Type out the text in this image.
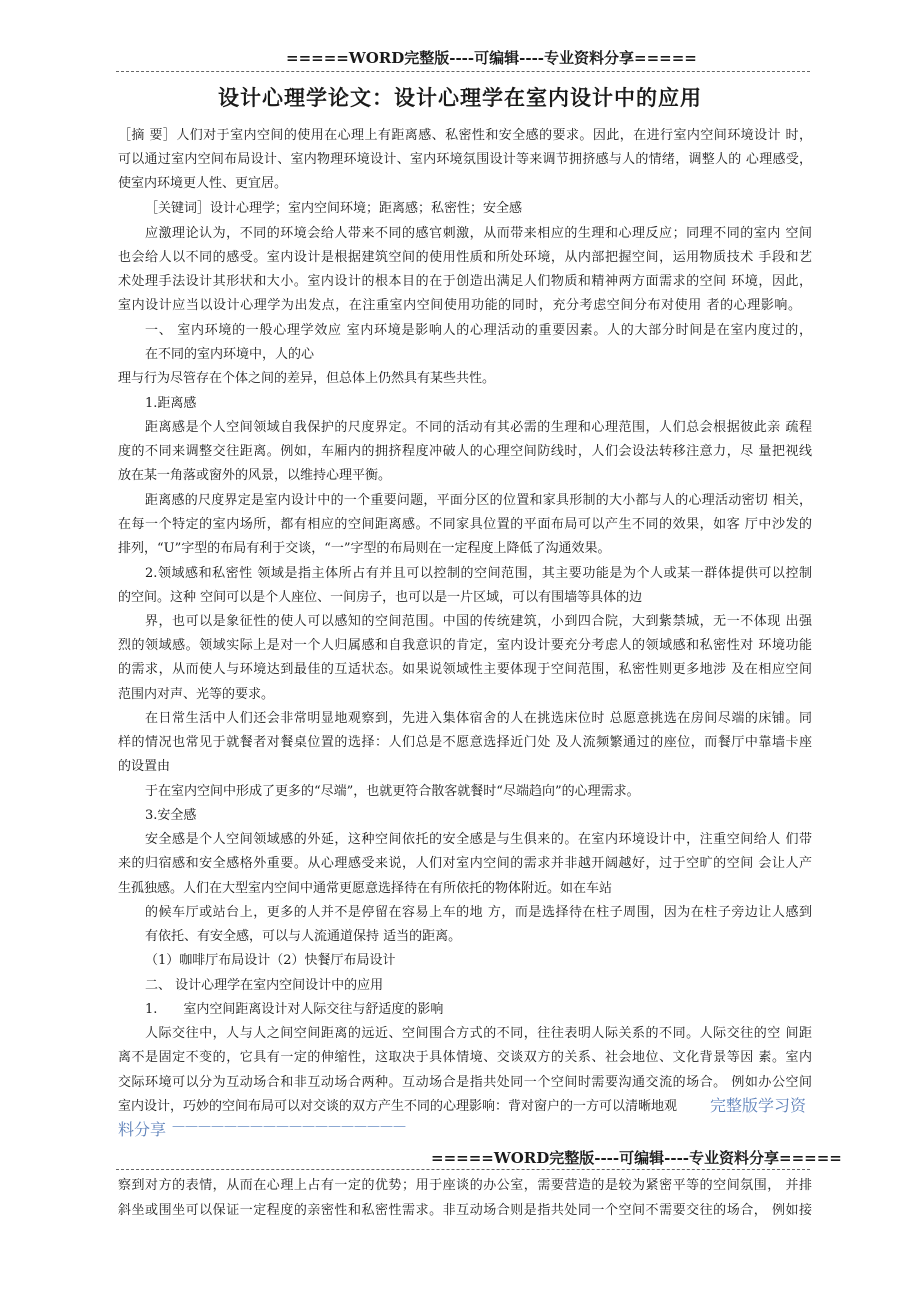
=====WORD完整版----可编辑----专业资料分享=====
设计心理学论文：设计心理学在室内设计中的应用
［摘 要］人们对于室内空间的使用在心理上有距离感、私密性和安全感的要求。因此，在进行室内空间环境设计 时，
可以通过室内空间布局设计、室内物理环境设计、室内环境氛围设计等来调节拥挤感与人的情绪，调整人的 心理感受，
使室内环境更人性、更宜居。
［关键词］设计心理学；室内空间环境；距离感；私密性；安全感
应激理论认为，不同的环境会给人带来不同的感官刺激，从而带来相应的生理和心理反应；同理不同的室内 空间
也会给人以不同的感受。室内设计是根据建筑空间的使用性质和所处环境，从内部把握空间，运用物质技术 手段和艺
术处理手法设计其形状和大小。室内设计的根本目的在于创造出满足人们物质和精神两方面需求的空间 环境，因此，
室内设计应当以设计心理学为出发点，在注重室内空间使用功能的同时，充分考虑空间分布对使用 者的心理影响。
一、 室内环境的一般心理学效应 室内环境是影响人的心理活动的重要因素。人的大部分时间是在室内度过的，
在不同的室内环境中，人的心
理与行为尽管存在个体之间的差异，但总体上仍然具有某些共性。
1.距离感
距离感是个人空间领域自我保护的尺度界定。不同的活动有其必需的生理和心理范围，人们总会根据彼此亲 疏程
度的不同来调整交往距离。例如，车厢内的拥挤程度冲破人的心理空间防线时，人们会设法转移注意力，尽 量把视线
放在某一角落或窗外的风景，以维持心理平衡。
距离感的尺度界定是室内设计中的一个重要问题，平面分区的位置和家具形制的大小都与人的心理活动密切 相关，
在每一个特定的室内场所，都有相应的空间距离感。不同家具位置的平面布局可以产生不同的效果，如客 厅中沙发的
排列，“U”字型的布局有利于交谈，“一”字型的布局则在一定程度上降低了沟通效果。
2.领域感和私密性 领域是指主体所占有并且可以控制的空间范围，其主要功能是为个人或某一群体提供可以控制
的空间。这种 空间可以是个人座位、一间房子，也可以是一片区域，可以有围墙等具体的边
界，也可以是象征性的使人可以感知的空间范围。中国的传统建筑，小到四合院，大到紫禁城，无一不体现 出强
烈的领域感。领域实际上是对一个人归属感和自我意识的肯定，室内设计要充分考虑人的领域感和私密性对 环境功能
的需求，从而使人与环境达到最佳的互适状态。如果说领域性主要体现于空间范围，私密性则更多地涉 及在相应空间
范围内对声、光等的要求。
在日常生活中人们还会非常明显地观察到，先进入集体宿舍的人在挑选床位时 总愿意挑选在房间尽端的床铺。同
样的情况也常见于就餐者对餐桌位置的选择：人们总是不愿意选择近门处 及人流频繁通过的座位，而餐厅中靠墙卡座
的设置由
于在室内空间中形成了更多的“尽端”，也就更符合散客就餐时“尽端趋向”的心理需求。
3.安全感
安全感是个人空间领域感的外延，这种空间依托的安全感是与生俱来的。在室内环境设计中，注重空间给人 们带
来的归宿感和安全感格外重要。从心理感受来说，人们对室内空间的需求并非越开阔越好，过于空旷的空间 会让人产
生孤独感。人们在大型室内空间中通常更愿意选择待在有所依托的物体附近。如在车站
的候车厅或站台上，更多的人并不是停留在容易上车的地 方，而是选择待在柱子周围，因为在柱子旁边让人感到
有依托、有安全感，可以与人流通道保持 适当的距离。
（1）咖啡厅布局设计（2）快餐厅布局设计
二、 设计心理学在室内空间设计中的应用
1.　　室内空间距离设计对人际交往与舒适度的影响
人际交往中，人与人之间空间距离的远近、空间围合方式的不同，往往表明人际关系的不同。人际交往的空 间距
离不是固定不变的，它具有一定的伸缩性，这取决于具体情境、交谈双方的关系、社会地位、文化背景等因 素。室内
交际环境可以分为互动场合和非互动场合两种。互动场合是指共处同一个空间时需要沟通交流的场合。 例如办公空间
室内设计，巧妙的空间布局可以对交谈的双方产生不同的心理影响：背对窗户的一方可以清晰地观 完整版学习资
料分享 ——————————————————
=====WORD完整版----可编辑----专业资料分享=====
察到对方的表情，从而在心理上占有一定的优势；用于座谈的办公室，需要营造的是较为紧密平等的空间氛围， 并排
斜坐或围坐可以保证一定程度的亲密性和私密性需求。非互动场合则是指共处同一个空间不需要交往的场合， 例如接
